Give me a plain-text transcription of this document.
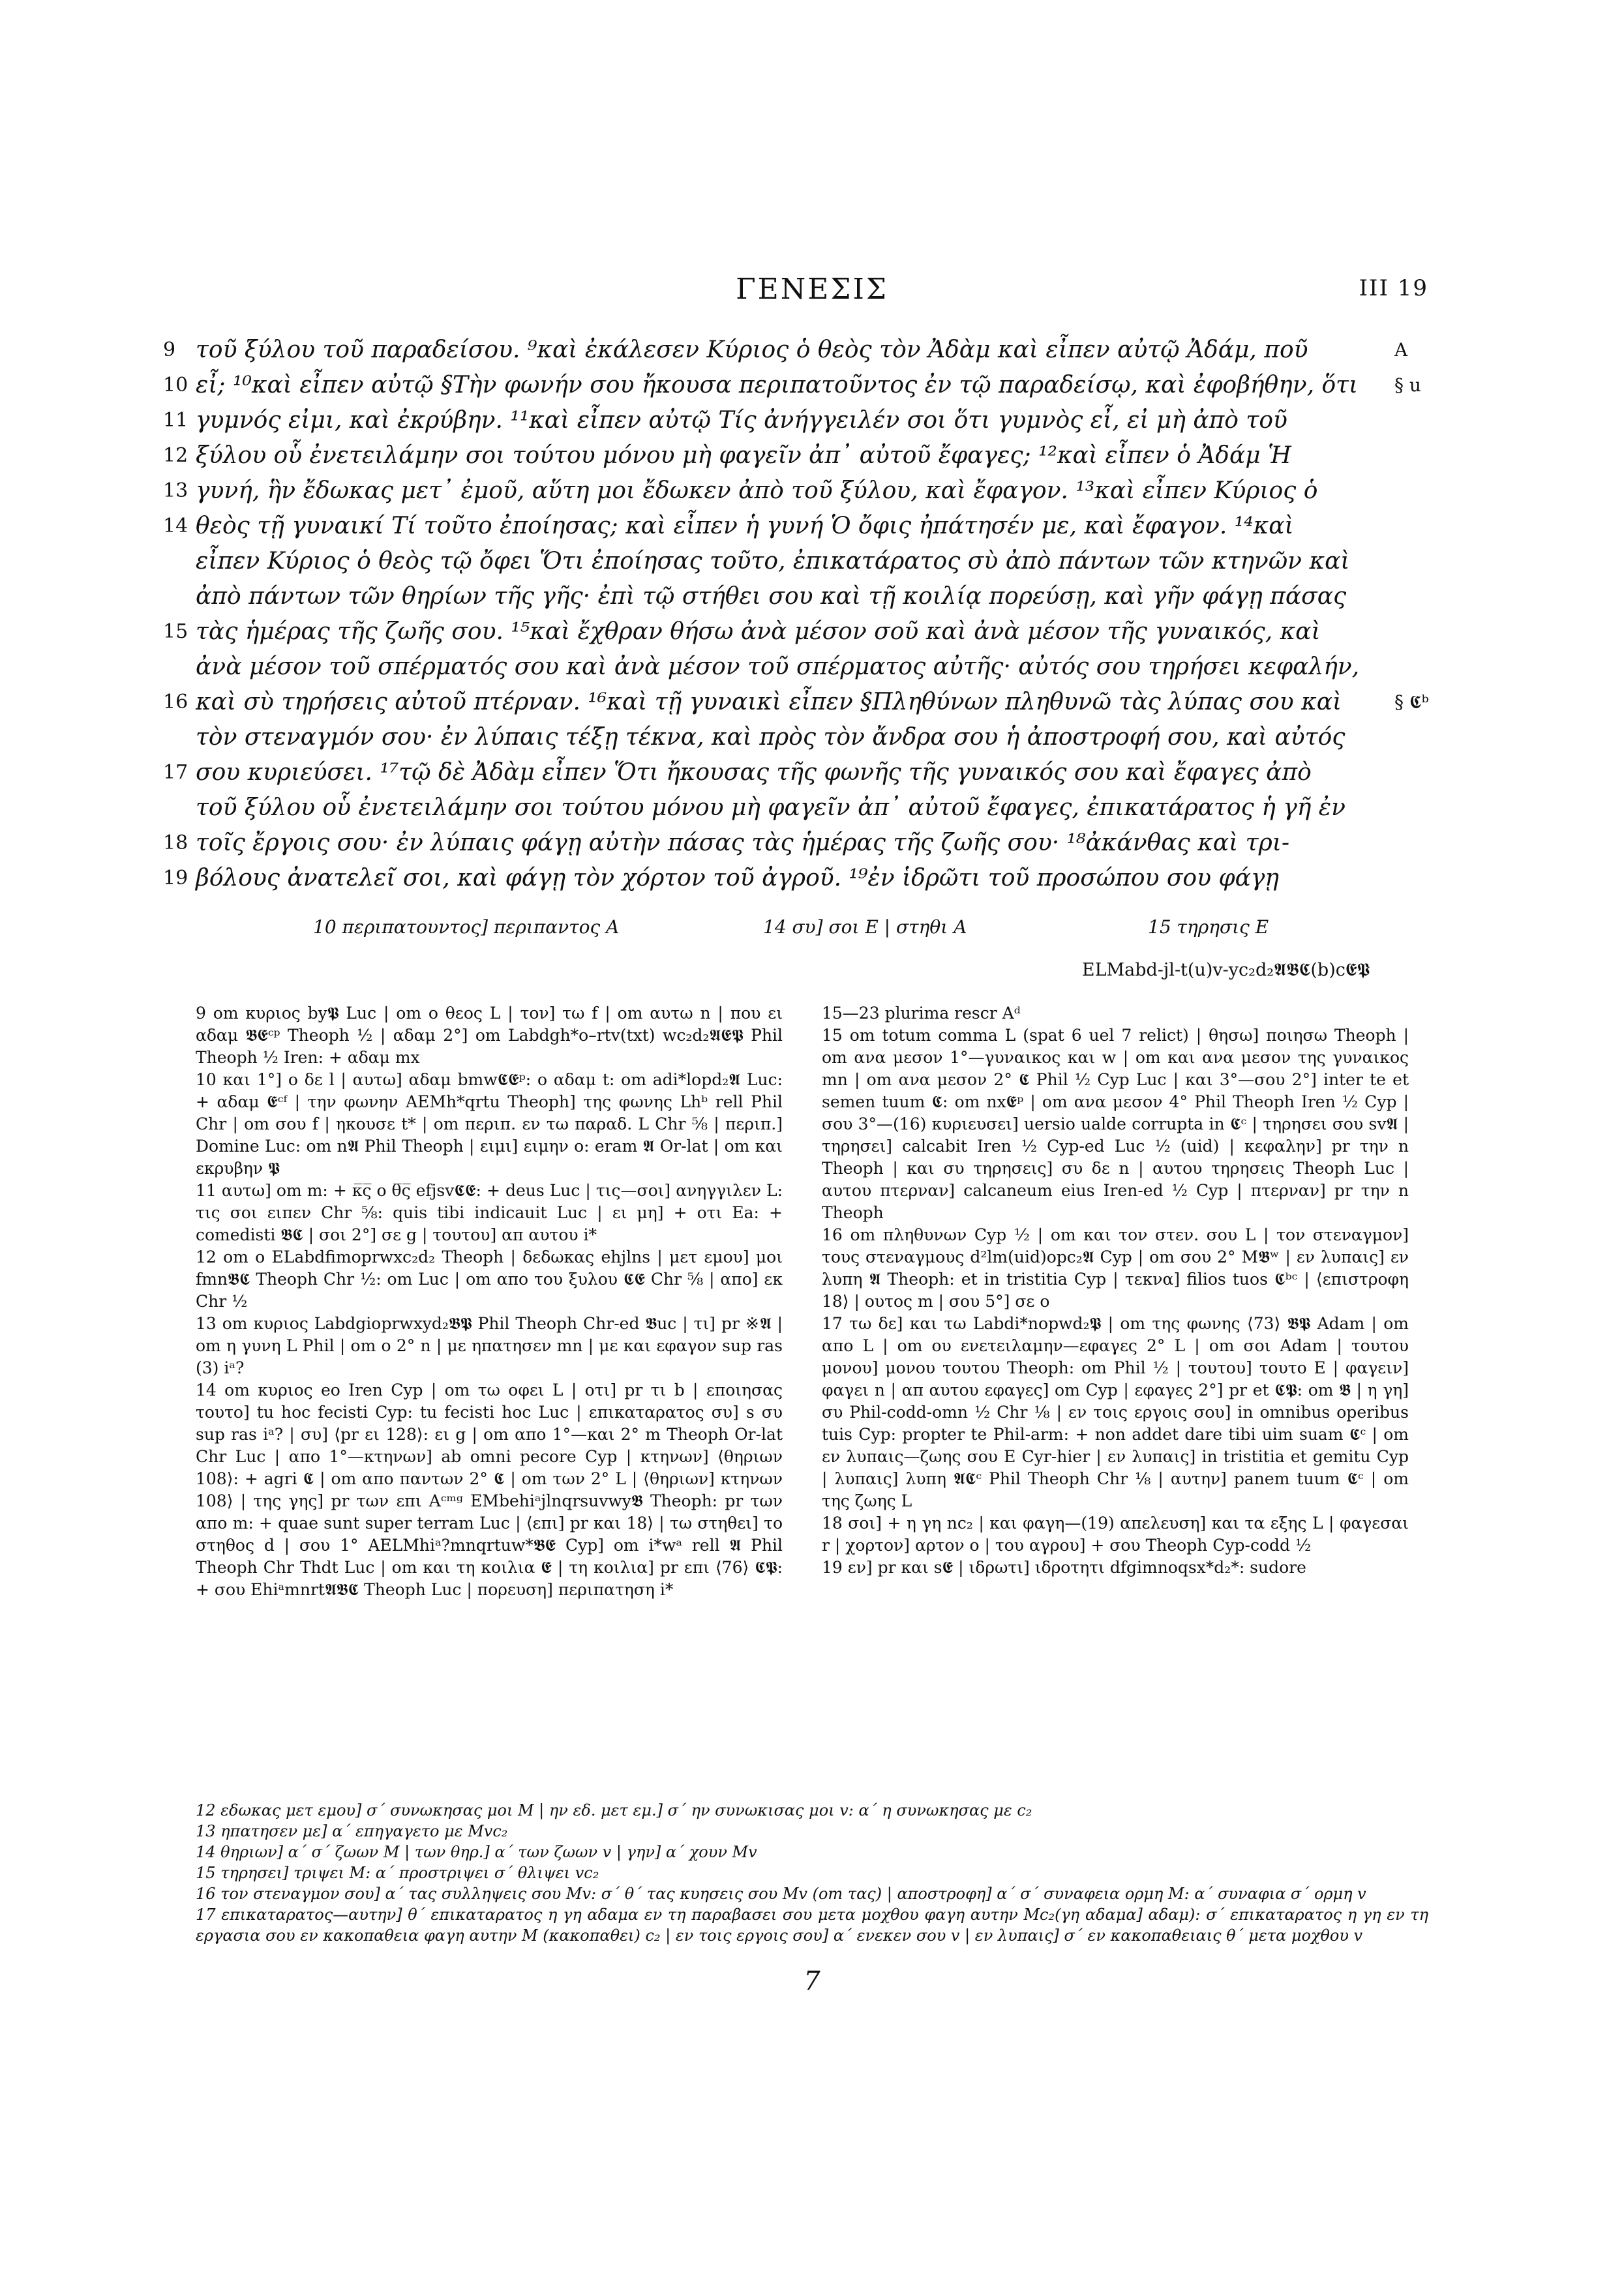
ΓΕΝΕΣΙΣ	III 19
9 τοῦ ξύλου τοῦ παραδείσου. ⁹καὶ ἐκάλεσεν Κύριος ὁ θεὸς τὸν Ἀδὰμ καὶ εἶπεν αὐτῷ Ἀδάμ, ποῦ	A
10 εἶ; ¹⁰καὶ εἶπεν αὐτῷ §Τὴν φωνήν σου ἤκουσα περιπατοῦντος ἐν τῷ παραδείσῳ, καὶ ἐφοβήθην, ὅτι § u
11 γυμνός εἰμι, καὶ ἐκρύβην. ¹¹καὶ εἶπεν αὐτῷ Τίς ἀνήγγειλέν σοι ὅτι γυμνὸς εἶ, εἰ μὴ ἀπὸ τοῦ
12 ξύλου οὗ ἐνετειλάμην σοι τούτου μόνου μὴ φαγεῖν ἀπ᾽ αὐτοῦ ἔφαγες; ¹²καὶ εἶπεν ὁ Ἀδάμ Ἡ
13 γυνή, ἣν ἔδωκας μετ᾽ ἐμοῦ, αὕτη μοι ἔδωκεν ἀπὸ τοῦ ξύλου, καὶ ἔφαγον. ¹³καὶ εἶπεν Κύριος ὁ
14 θεὸς τῇ γυναικί Τί τοῦτο ἐποίησας; καὶ εἶπεν ἡ γυνή Ὁ ὄφις ἠπάτησέν με, καὶ ἔφαγον. ¹⁴καὶ
εἶπεν Κύριος ὁ θεὸς τῷ ὄφει Ὅτι ἐποίησας τοῦτο, ἐπικατάρατος σὺ ἀπὸ πάντων τῶν κτηνῶν καὶ
ἀπὸ πάντων τῶν θηρίων τῆς γῆς· ἐπὶ τῷ στήθει σου καὶ τῇ κοιλίᾳ πορεύσῃ, καὶ γῆν φάγῃ πάσας
15 τὰς ἡμέρας τῆς ζωῆς σου. ¹⁵καὶ ἔχθραν θήσω ἀνὰ μέσον σοῦ καὶ ἀνὰ μέσον τῆς γυναικός, καὶ
ἀνὰ μέσον τοῦ σπέρματός σου καὶ ἀνὰ μέσον τοῦ σπέρματος αὐτῆς· αὐτός σου τηρήσει κεφαλήν,
16 καὶ σὺ τηρήσεις αὐτοῦ πτέρναν. ¹⁶καὶ τῇ γυναικὶ εἶπεν §Πληθύνων πληθυνῶ τὰς λύπας σου καὶ	§ 𝕮ᵇ
τὸν στεναγμόν σου· ἐν λύπαις τέξῃ τέκνα, καὶ πρὸς τὸν ἄνδρα σου ἡ ἀποστροφή σου, καὶ αὐτός
17 σου κυριεύσει. ¹⁷τῷ δὲ Ἀδὰμ εἶπεν Ὅτι ἤκουσας τῆς φωνῆς τῆς γυναικός σου καὶ ἔφαγες ἀπὸ
τοῦ ξύλου οὗ ἐνετειλάμην σοι τούτου μόνου μὴ φαγεῖν ἀπ᾽ αὐτοῦ ἔφαγες, ἐπικατάρατος ἡ γῆ ἐν
18 τοῖς ἔργοις σου· ἐν λύπαις φάγῃ αὐτὴν πάσας τὰς ἡμέρας τῆς ζωῆς σου· ¹⁸ἀκάνθας καὶ τρι-
19 βόλους ἀνατελεῖ σοι, καὶ φάγῃ τὸν χόρτον τοῦ ἀγροῦ. ¹⁹ἐν ἱδρῶτι τοῦ προσώπου σου φάγῃ
10 περιπατουντος] περιπαντος A	14 συ] σοι E | στηθι A	15 τηρησις E
ELMabd-jl-t(u)v-yc₂d₂𝕬𝕭𝕮(b)c𝕰𝕻

9 om κυριος by𝕻 Luc | om ο θεος L | τον] τω f | om αυτω n | που ει αδαμ 𝕭𝕰ᶜᵖ Theoph ½ | αδαμ 2°] om Labdgh*o–rtv(txt) wc₂d₂𝕬𝕰𝕻 Phil Theoph ½ Iren: + αδαμ mx

10 και 1°] ο δε l | αυτω] αδαμ bmw𝕮𝕰ᵖ: ο αδαμ t: om adi*lopd₂𝕬 Luc: + αδαμ 𝕰ᶜᶠ | την φωνην AEMh*qrtu Theoph] της φωνης Lhᵇ rell Phil Chr | om σου f | ηκουσε t* | om περιπ. εν τω παραδ. L Chr ⅝ | περιπ.] Domine Luc: om n𝕬 Phil Theoph | ειμι] ειμην o: eram 𝕬 Or-lat | om και εκρυβην 𝕻

11 αυτω] om m: + κ̅ς̅ ο θ̅ς̅ efjsv𝕮𝕰: + deus Luc | τις—σοι] ανηγγιλεν L: τις σοι ειπεν Chr ⅝: quis tibi indicauit Luc | ει μη] + οτι Ea: + comedisti 𝕭𝕮 | σοι 2°] σε g | τουτου] απ αυτου i*

12 om ο ELabdfimoprwxc₂d₂ Theoph | δεδωκας ehjlns | μετ εμου] μοι fmn𝕭𝕮 Theoph Chr ½: om Luc | om απο του ξυλου 𝕮𝕰 Chr ⅝ | απο] εκ Chr ½

13 om κυριος Labdgioprwxyd₂𝕭𝕻 Phil Theoph Chr-ed 𝕭uc | τι] pr ※𝕬 | om η γυνη L Phil | om ο 2° n | με ηπατησεν mn | με και εφαγον sup ras (3) iᵃ?

14 om κυριος eo Iren Cyp | om τω οφει L | οτι] pr τι b | εποιησας τουτο] tu hoc fecisti Cyp: tu fecisti hoc Luc | επικαταρατος συ] s συ sup ras iᵃ? | συ] ⟨pr ει 128⟩: ει g | om απο 1°—και 2° m Theoph Or-lat Chr Luc | απο 1°—κτηνων] ab omni pecore Cyp | κτηνων] ⟨θηριων 108⟩: + agri 𝕮 | om απο παντων 2° 𝕮 | om των 2° L | ⟨θηριων] κτηνων 108⟩ | της γης] pr των επι Aᶜᵐᵍ EMbehiᵃjlnqrsuvwy𝕭 Theoph: pr των απο m: + quae sunt super terram Luc | ⟨επι] pr και 18⟩ | τω στηθει] το στηθος d | σου 1° AELMhiᵃ?mnqrtuw*𝕭𝕰 Cyp] om i*wᵃ rell 𝕬 Phil Theoph Chr Thdt Luc | om και τη κοιλια 𝕰 | τη κοιλια] pr επι ⟨76⟩ 𝕮𝕻: + σου Ehiᵃmnrt𝕬𝕭𝕮 Theoph Luc | πορευση] περιπατηση i*

15—23 plurima rescr Aᵈ

15 om totum comma L (spat 6 uel 7 relict) | θησω] ποιησω Theoph | om ανα μεσον 1°—γυναικος και w | om και ανα μεσον της γυναικος mn | om ανα μεσον 2° 𝕮 Phil ½ Cyp Luc | και 3°—σου 2°] inter te et semen tuum 𝕮: om nx𝕰ᵖ | om ανα μεσον 4° Phil Theoph Iren ½ Cyp | σου 3°—(16) κυριευσει] uersio ualde corrupta in 𝕮ᶜ | τηρησει σου sv𝕬 | τηρησει] calcabit Iren ½ Cyp-ed Luc ½ (uid) | κεφαλην] pr την n Theoph | και συ τηρησεις] συ δε n | αυτου τηρησεις Theoph Luc | αυτου πτερναν] calcaneum eius Iren-ed ½ Cyp | πτερναν] pr την n Theoph

16 om πληθυνων Cyp ½ | om και τον στεν. σου L | τον στεναγμον] τους στεναγμους d²lm(uid)opc₂𝕬 Cyp | om σου 2° M𝕭ʷ | εν λυπαις] εν λυπη 𝕬 Theoph: et in tristitia Cyp | τεκνα] filios tuos 𝕮ᵇᶜ | ⟨επιστροφη 18⟩ | ουτος m | σου 5°] σε o

17 τω δε] και τω Labdi*nopwd₂𝕻 | om της φωνης ⟨73⟩ 𝕭𝕻 Adam | om απο L | om ου ενετειλαμην—εφαγες 2° L | om σοι Adam | τουτου μονου] μονου τουτου Theoph: om Phil ½ | τουτου] τουτο E | φαγειν] φαγει n | απ αυτου εφαγες] om Cyp | εφαγες 2°] pr et 𝕮𝕻: om 𝕭 | η γη] συ Phil-codd-omn ½ Chr ⅛ | εν τοις εργοις σου] in omnibus operibus tuis Cyp: propter te Phil-arm: + non addet dare tibi uim suam 𝕮ᶜ | om εν λυπαις—ζωης σου E Cyr-hier | εν λυπαις] in tristitia et gemitu Cyp | λυπαις] λυπη 𝕬𝕮ᶜ Phil Theoph Chr ⅛ | αυτην] panem tuum 𝕮ᶜ | om της ζωης L

18 σοι] + η γη nc₂ | και φαγη—(19) απελευση] και τα εξης L | φαγεσαι r | χορτον] αρτον o | του αγρου] + σου Theoph Cyp-codd ½

19 εν] pr και s𝕰 | ιδρωτι] ιδροτητι dfgimnoqsx*d₂*: sudore

12 εδωκας μετ εμου] σ´ συνωκησας μοι M | ην εδ. μετ εμ.] σ´ ην συνωκισας μοι v: α´ η συνωκησας με c₂

13 ηπατησεν με] α´ επηγαγετο με Mvc₂

14 θηριων] α´ σ´ ζωων M | των θηρ.] α´ των ζωων v | γην] α´ χουν Mv

15 τηρησει] τριψει M: α´ προστριψει σ´ θλιψει vc₂

16 τον στεναγμον σου] α´ τας συλληψεις σου Mv: σ´ θ´ τας κυησεις σου Mv (om τας) | αποστροφη] α´ σ´ συναφεια ορμη M: α´ συναφια σ´ ορμη v

17 επικαταρατος—αυτην] θ´ επικαταρατος η γη αδαμα εν τη παραβασει σου μετα μοχθου φαγη αυτην Mc₂(γη αδαμα] αδαμ): σ´ επικαταρατος η γη εν τη εργασια σου εν κακοπαθεια φαγη αυτην M (κακοπαθει) c₂ | εν τοις εργοις σου] α´ ενεκεν σου v | εν λυπαις] σ´ εν κακοπαθειαις θ´ μετα μοχθου v

7
